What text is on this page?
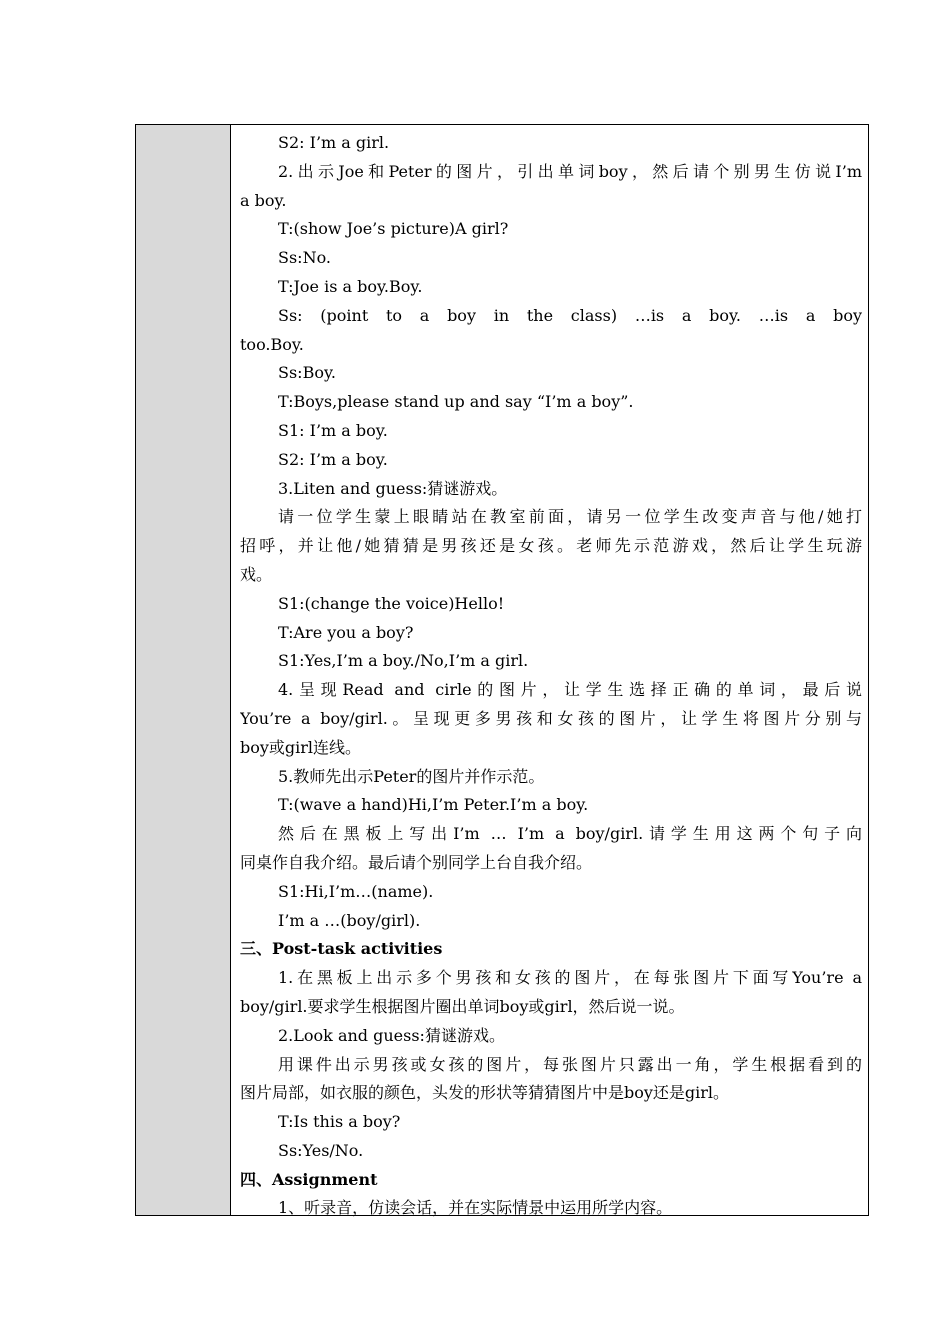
S2: I’m a girl.
2.出示Joe和Peter的图片，引出单词boy，然后请个别男生仿说I’m
a boy.
T:(show Joe’s picture)A girl?
Ss:No.
T:Joe is a boy.Boy.
Ss: (point to a boy in the class) …is a boy. …is a boy
too.Boy.
Ss:Boy.
T:Boys,please stand up and say “I’m a boy”.
S1: I’m a boy.
S2: I’m a boy.
3.Liten and guess:猜谜游戏。
请一位学生蒙上眼睛站在教室前面，请另一位学生改变声音与他/她打
招呼，并让他/她猜猜是男孩还是女孩。老师先示范游戏，然后让学生玩游
戏。
S1:(change the voice)Hello!
T:Are you a boy?
S1:Yes,I’m a boy./No,I’m a girl.
4.呈现Read and cirle的图片，让学生选择正确的单词，最后说
You’re a boy/girl.。呈现更多男孩和女孩的图片，让学生将图片分别与
boy或girl连线。
5.教师先出示Peter的图片并作示范。
T:(wave a hand)Hi,I’m Peter.I’m a boy.
然后在黑板上写出I’m … I’m a boy/girl.请学生用这两个句子向
同桌作自我介绍。最后请个别同学上台自我介绍。
S1:Hi,I’m…(name).
I’m a …(boy/girl).
三、Post-task activities
1.在黑板上出示多个男孩和女孩的图片，在每张图片下面写You’re a
boy/girl.要求学生根据图片圈出单词boy或girl，然后说一说。
2.Look and guess:猜谜游戏。
用课件出示男孩或女孩的图片，每张图片只露出一角，学生根据看到的
图片局部，如衣服的颜色，头发的形状等猜猜图片中是boy还是girl。
T:Is this a boy?
Ss:Yes/No.
四、Assignment
1、听录音，仿读会话，并在实际情景中运用所学内容。
